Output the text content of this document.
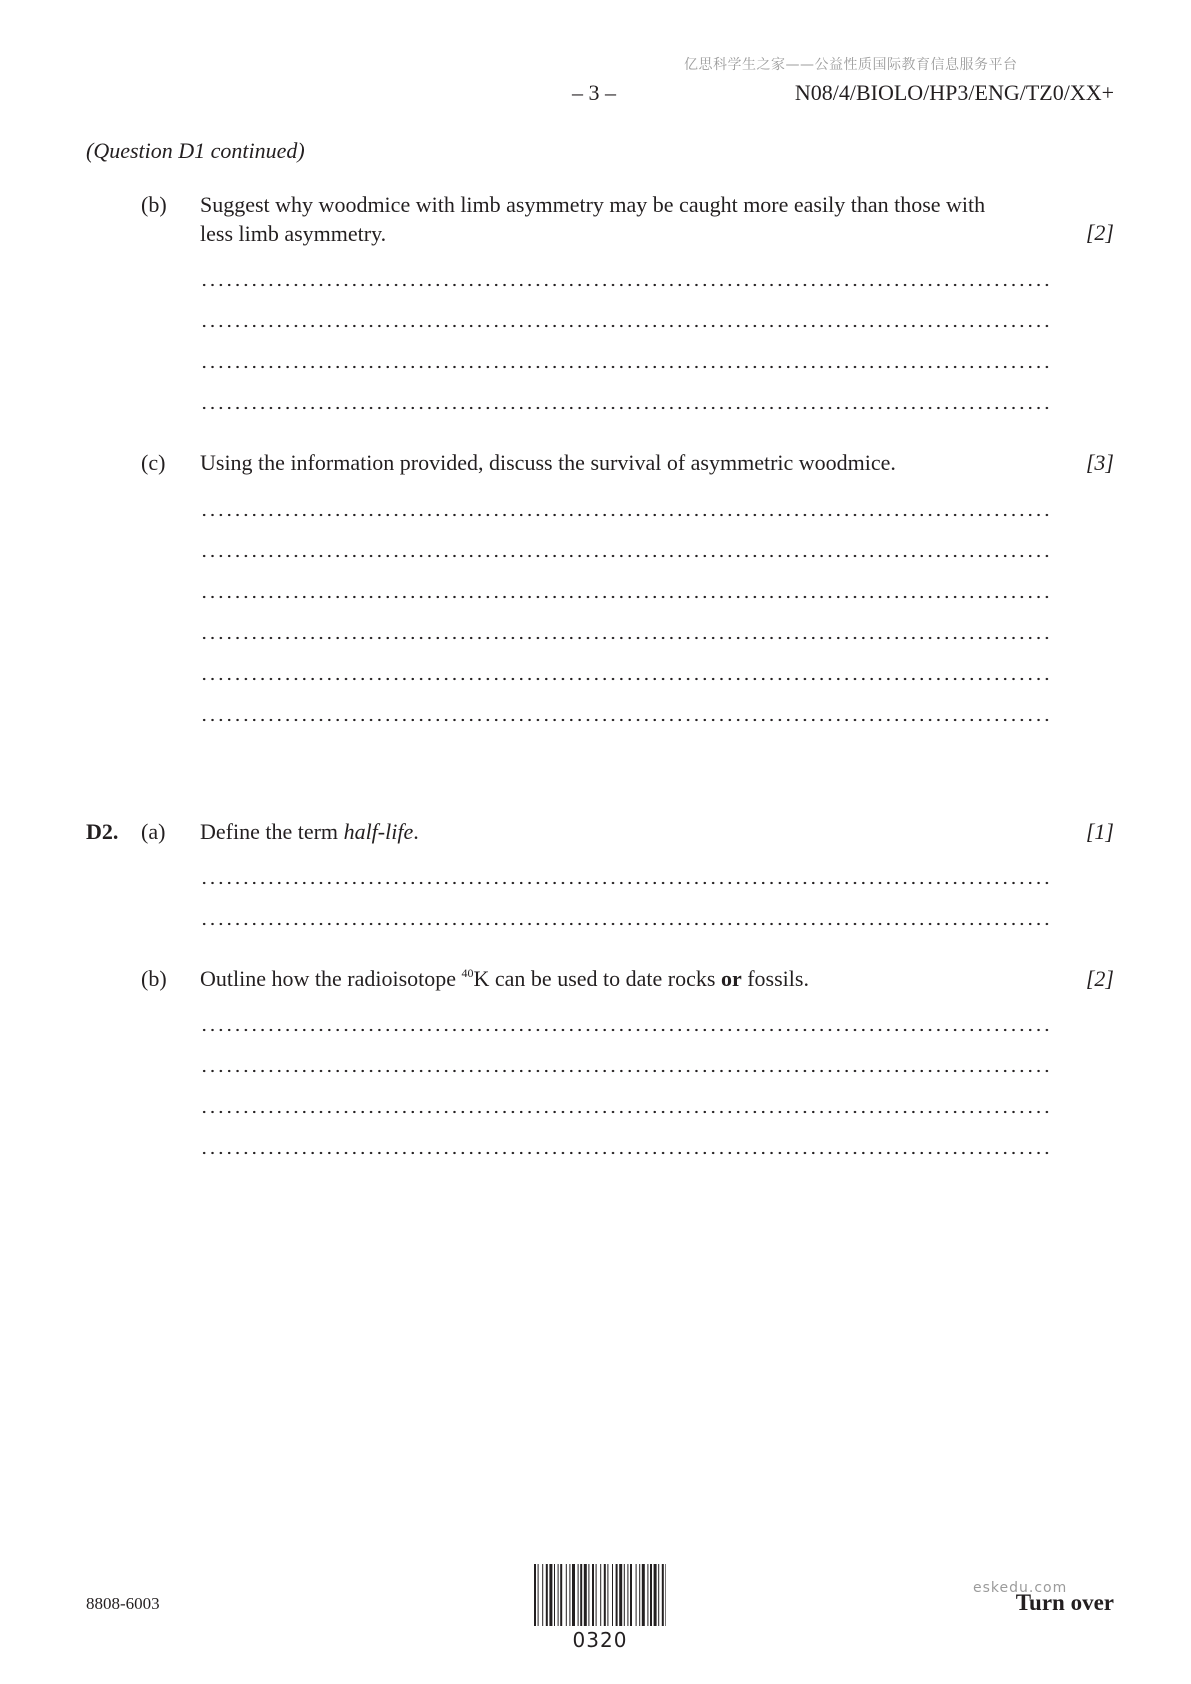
亿思科学生之家——公益性质国际教育信息服务平台
– 3 –	N08/4/BIOLO/HP3/ENG/TZ0/XX+
(Question D1 continued)
(b) Suggest why woodmice with limb asymmetry may be caught more easily than those with
less limb asymmetry.	[2]
(c) Using the information provided, discuss the survival of asymmetric woodmice.	[3]
D2. (a) Define the term half-life.	[1]
(b) Outline how the radioisotope $^{40}$K can be used to date rocks or fossils.	[2]
8808-6003
0320
eskedu.com
Turn over
